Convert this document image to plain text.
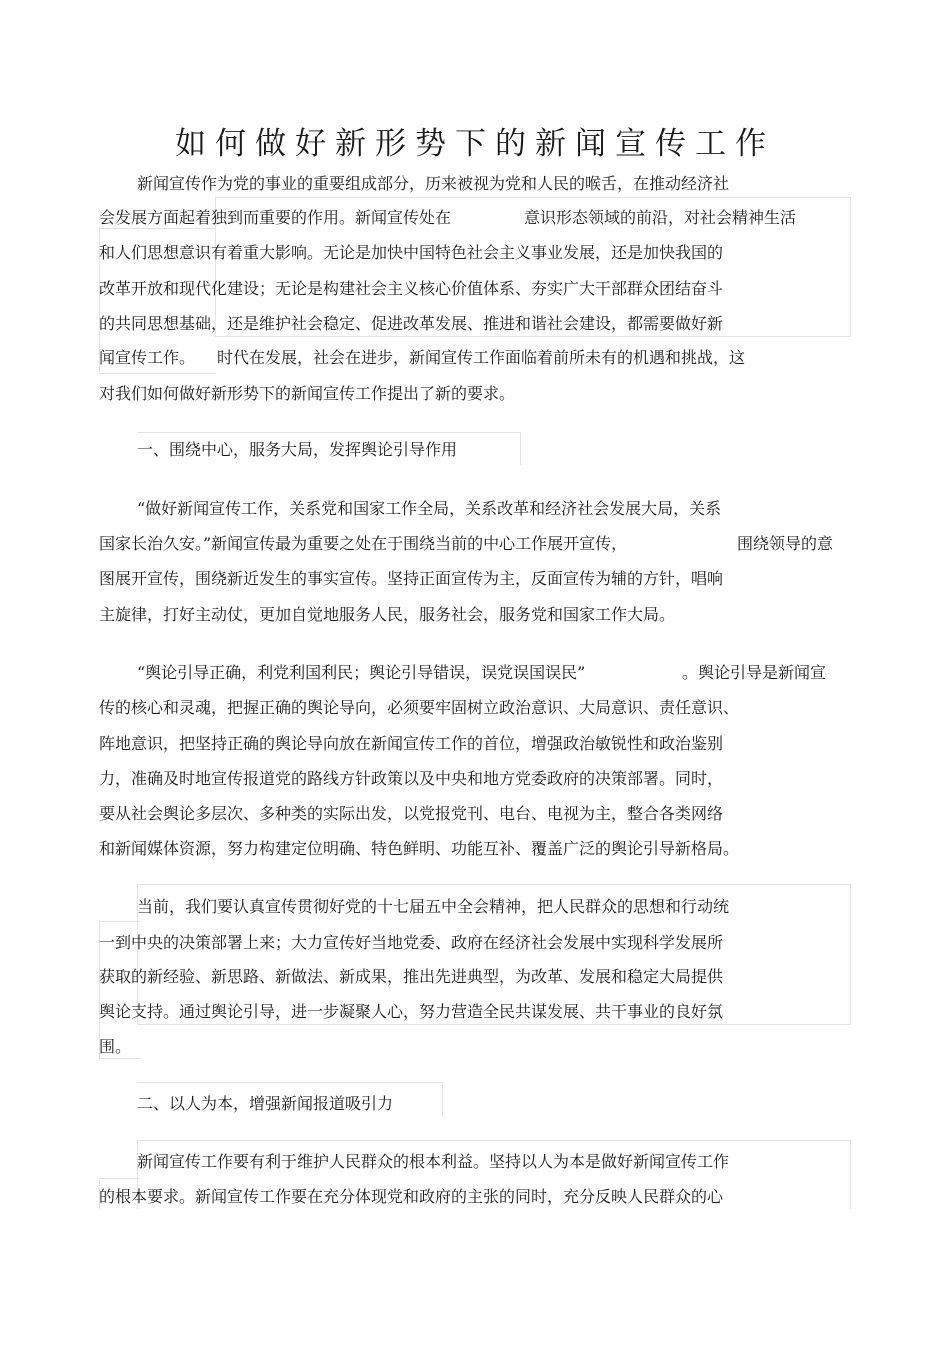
如何做好新形势下的新闻宣传工作

新闻宣传作为党的事业的重要组成部分，历来被视为党和人民的喉舌，在推动经济社

会发展方面起着独到而重要的作用。新闻宣传处在	意识形态领域的前沿，对社会精神生活

和人们思想意识有着重大影响。无论是加快中国特色社会主义事业发展，还是加快我国的

改革开放和现代化建设；无论是构建社会主义核心价值体系、夯实广大干部群众团结奋斗

的共同思想基础，还是维护社会稳定、促进改革发展、推进和谐社会建设，都需要做好新

闻宣传工作。	时代在发展，社会在进步，新闻宣传工作面临着前所未有的机遇和挑战，这

对我们如何做好新形势下的新闻宣传工作提出了新的要求。

一、围绕中心，服务大局，发挥舆论引导作用

“做好新闻宣传工作，关系党和国家工作全局，关系改革和经济社会发展大局，关系

国家长治久安。”新闻宣传最为重要之处在于围绕当前的中心工作展开宣传，	围绕领导的意

图展开宣传，围绕新近发生的事实宣传。坚持正面宣传为主，反面宣传为辅的方针，唱响

主旋律，打好主动仗，更加自觉地服务人民，服务社会，服务党和国家工作大局。

“舆论引导正确，利党利国利民；舆论引导错误，误党误国误民”	。舆论引导是新闻宣

传的核心和灵魂，把握正确的舆论导向，必须要牢固树立政治意识、大局意识、责任意识、

阵地意识，把坚持正确的舆论导向放在新闻宣传工作的首位，增强政治敏锐性和政治鉴别

力，准确及时地宣传报道党的路线方针政策以及中央和地方党委政府的决策部署。同时，

要从社会舆论多层次、多种类的实际出发，以党报党刊、电台、电视为主，整合各类网络

和新闻媒体资源，努力构建定位明确、特色鲜明、功能互补、覆盖广泛的舆论引导新格局。

当前，我们要认真宣传贯彻好党的十七届五中全会精神，把人民群众的思想和行动统

一到中央的决策部署上来；大力宣传好当地党委、政府在经济社会发展中实现科学发展所

获取的新经验、新思路、新做法、新成果，推出先进典型，为改革、发展和稳定大局提供

舆论支持。通过舆论引导，进一步凝聚人心，努力营造全民共谋发展、共干事业的良好氛

围。

二、以人为本，增强新闻报道吸引力

新闻宣传工作要有利于维护人民群众的根本利益。坚持以人为本是做好新闻宣传工作

的根本要求。新闻宣传工作要在充分体现党和政府的主张的同时，充分反映人民群众的心
